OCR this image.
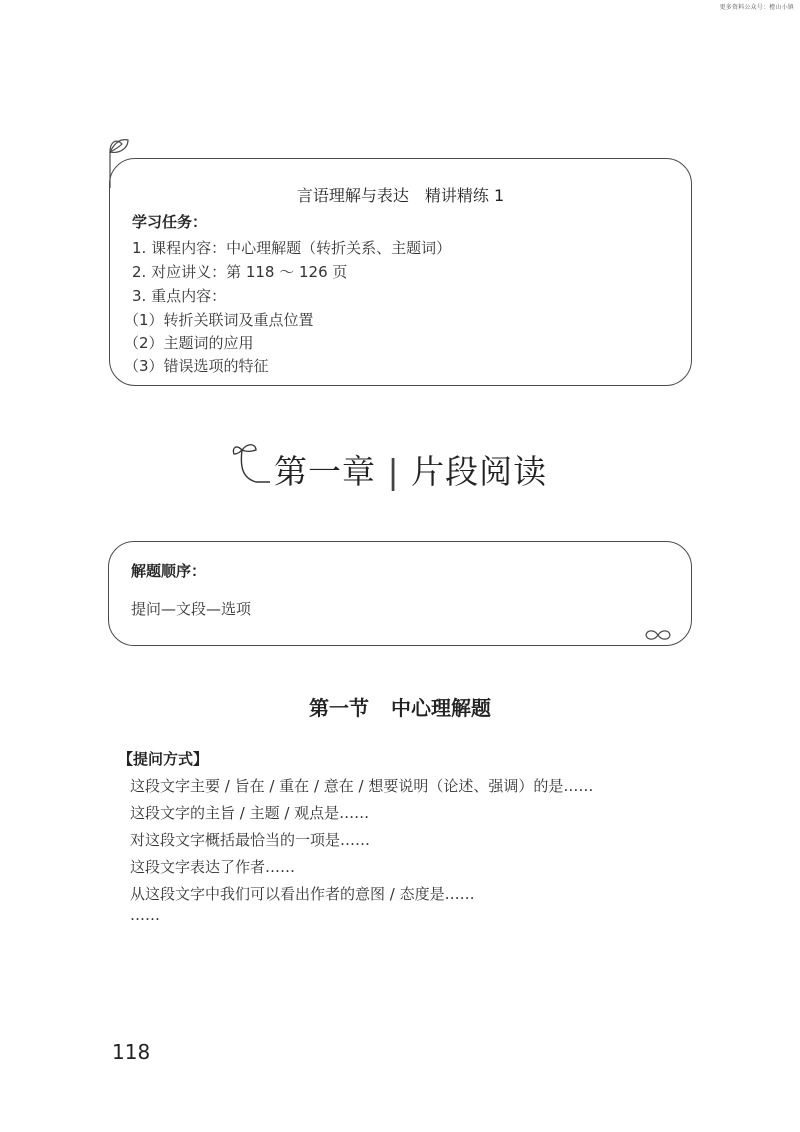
更多资料公众号：橙山小镇
言语理解与表达　精讲精练 1
学习任务：
1. 课程内容：中心理解题（转折关系、主题词）
2. 对应讲义：第 118 ～ 126 页
3. 重点内容：
（1）转折关联词及重点位置
（2）主题词的应用
（3）错误选项的特征
第一章 | 片段阅读
解题顺序：
提问—文段—选项
第一节 中心理解题
【提问方式】
这段文字主要 / 旨在 / 重在 / 意在 / 想要说明（论述、强调）的是……
这段文字的主旨 / 主题 / 观点是……
对这段文字概括最恰当的一项是……
这段文字表达了作者……
从这段文字中我们可以看出作者的意图 / 态度是……
……
118
